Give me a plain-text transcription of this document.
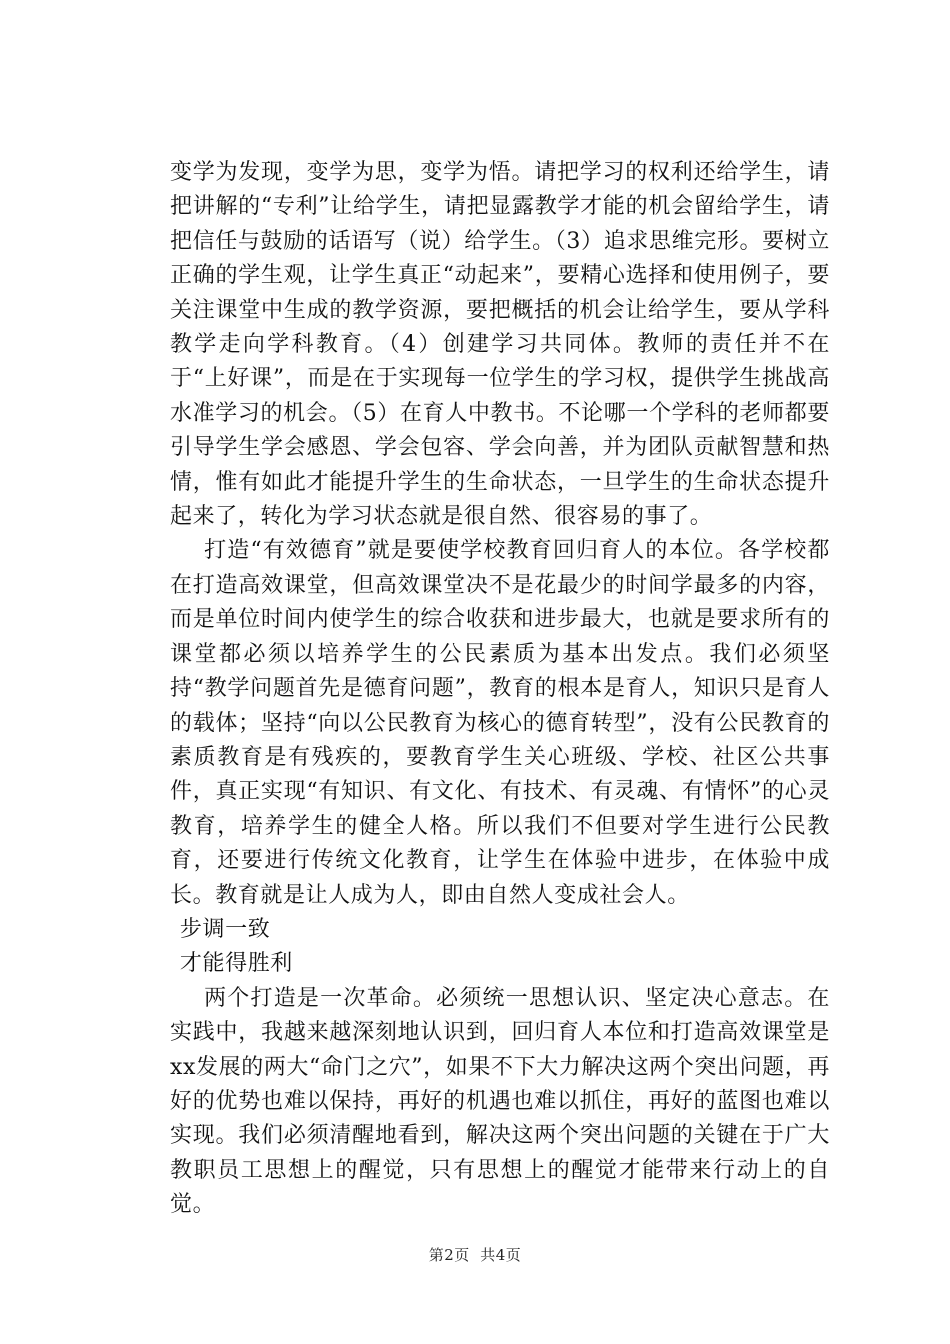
变学为发现，变学为思，变学为悟。请把学习的权利还给学生，请把讲解的“专利”让给学生，请把显露教学才能的机会留给学生，请把信任与鼓励的话语写（说）给学生。（3）追求思维完形。要树立正确的学生观，让学生真正“动起来”，要精心选择和使用例子，要关注课堂中生成的教学资源，要把概括的机会让给学生，要从学科教学走向学科教育。（4）创建学习共同体。教师的责任并不在于“上好课”，而是在于实现每一位学生的学习权，提供学生挑战高水准学习的机会。（5）在育人中教书。不论哪一个学科的老师都要引导学生学会感恩、学会包容、学会向善，并为团队贡献智慧和热情，惟有如此才能提升学生的生命状态，一旦学生的生命状态提升起来了，转化为学习状态就是很自然、很容易的事了。

打造“有效德育”就是要使学校教育回归育人的本位。各学校都在打造高效课堂，但高效课堂决不是花最少的时间学最多的内容，而是单位时间内使学生的综合收获和进步最大，也就是要求所有的课堂都必须以培养学生的公民素质为基本出发点。我们必须坚持“教学问题首先是德育问题”，教育的根本是育人，知识只是育人的载体；坚持“向以公民教育为核心的德育转型”，没有公民教育的素质教育是有残疾的，要教育学生关心班级、学校、社区公共事件，真正实现“有知识、有文化、有技术、有灵魂、有情怀”的心灵教育，培养学生的健全人格。所以我们不但要对学生进行公民教育，还要进行传统文化教育，让学生在体验中进步，在体验中成长。教育就是让人成为人，即由自然人变成社会人。

步调一致

才能得胜利

两个打造是一次革命。必须统一思想认识、坚定决心意志。在实践中，我越来越深刻地认识到，回归育人本位和打造高效课堂是xx发展的两大“命门之穴”，如果不下大力解决这两个突出问题，再好的优势也难以保持，再好的机遇也难以抓住，再好的蓝图也难以实现。我们必须清醒地看到，解决这两个突出问题的关键在于广大教职员工思想上的醒觉，只有思想上的醒觉才能带来行动上的自觉。

第2页  共4页
